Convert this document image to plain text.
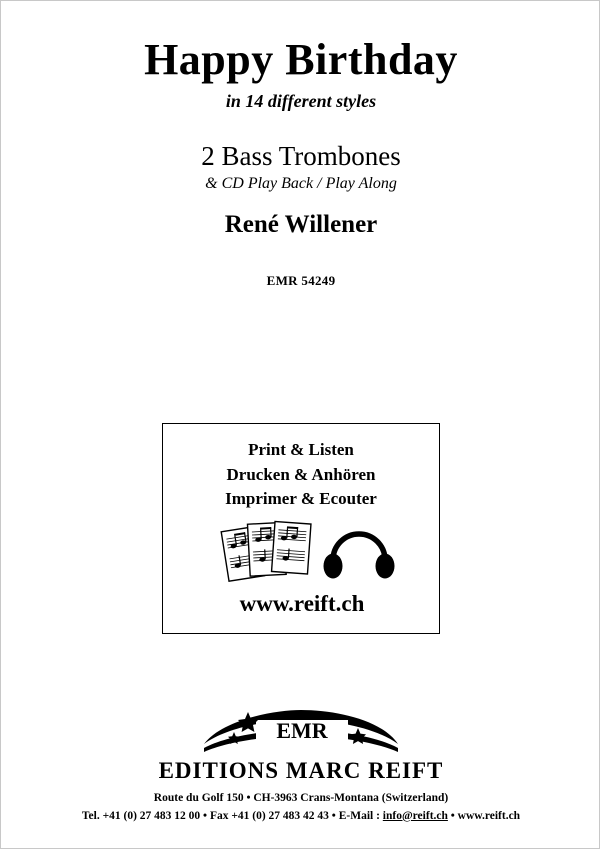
Happy Birthday
in 14 different styles
2 Bass Trombones
& CD Play Back / Play Along
René Willener
EMR 54249
Print & Listen
Drucken & Anhören
Imprimer & Ecouter
www.reift.ch
EMR
EDITIONS MARC REIFT
Route du Golf 150 • CH-3963 Crans-Montana (Switzerland)
Tel. +41 (0) 27 483 12 00 • Fax +41 (0) 27 483 42 43 • E-Mail : info@reift.ch • www.reift.ch
